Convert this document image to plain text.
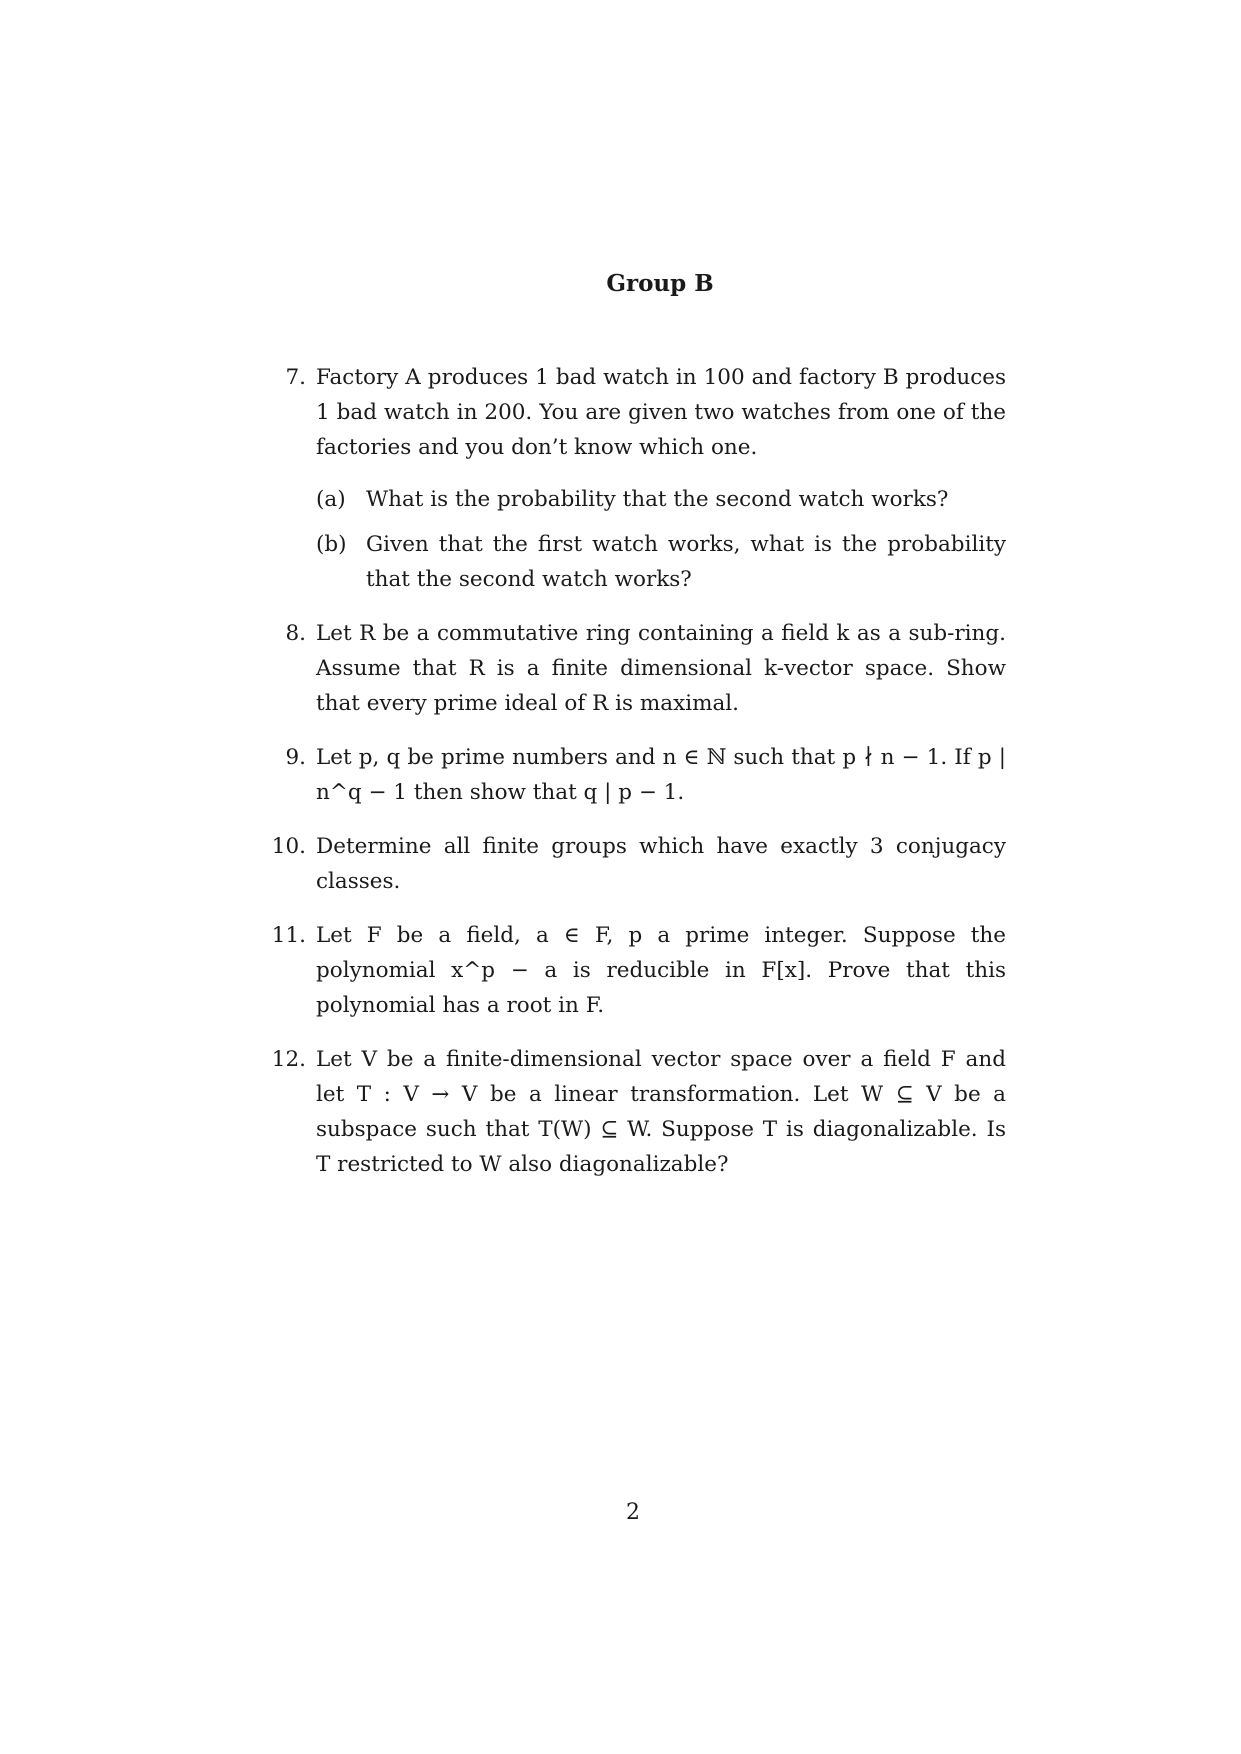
Group B
7. Factory A produces 1 bad watch in 100 and factory B produces 1 bad watch in 200. You are given two watches from one of the factories and you don’t know which one.
(a) What is the probability that the second watch works?
(b) Given that the first watch works, what is the probability that the second watch works?
8. Let R be a commutative ring containing a field k as a sub-ring. Assume that R is a finite dimensional k-vector space. Show that every prime ideal of R is maximal.
9. Let p, q be prime numbers and n ∈ ℕ such that p ∤ n − 1. If p | n^q − 1 then show that q | p − 1.
10. Determine all finite groups which have exactly 3 conjugacy classes.
11. Let F be a field, a ∈ F, p a prime integer. Suppose the polynomial x^p − a is reducible in F[x]. Prove that this polynomial has a root in F.
12. Let V be a finite-dimensional vector space over a field F and let T : V → V be a linear transformation. Let W ⊆ V be a subspace such that T(W) ⊆ W. Suppose T is diagonalizable. Is T restricted to W also diagonalizable?
2
